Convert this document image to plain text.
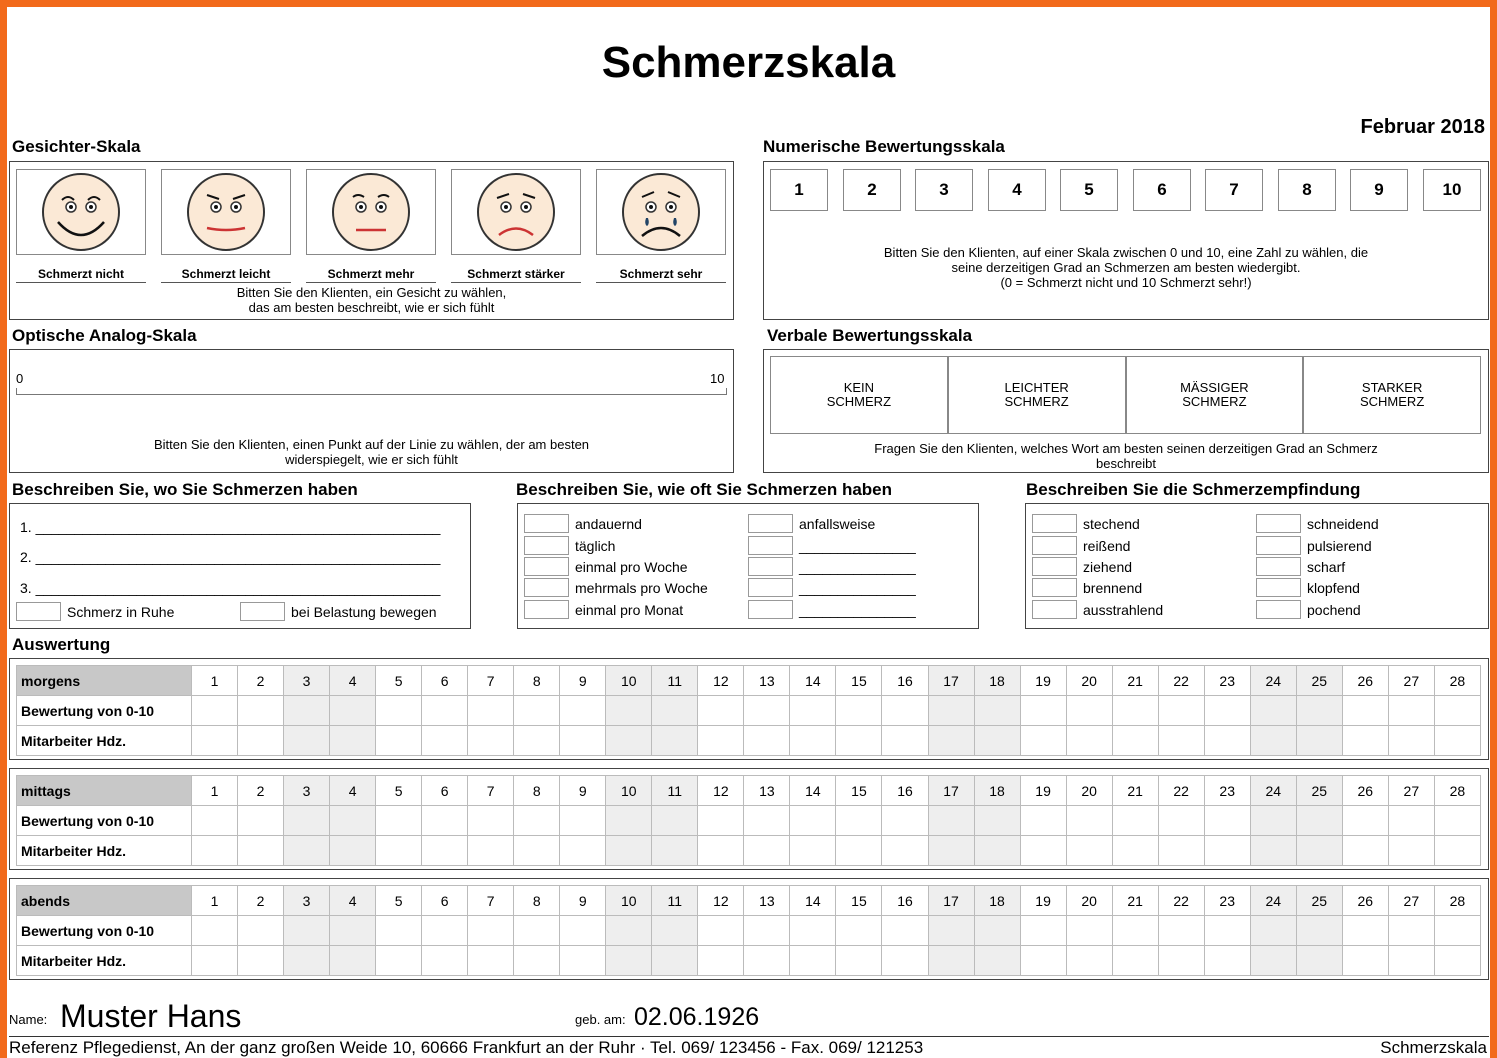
Schmerzskala
Februar 2018
Gesichter-Skala
Schmerzt nicht	Schmerzt leicht	Schmerzt mehr	Schmerzt stärker	Schmerzt sehr
Bitten Sie den Klienten, ein Gesicht zu wählen,
das am besten beschreibt, wie er sich fühlt
Numerische Bewertungsskala
1	2	3	4	5	6	7	8	9	10
Bitten Sie den Klienten, auf einer Skala zwischen 0 und 10, eine Zahl zu wählen, die
seine derzeitigen Grad an Schmerzen am besten wiedergibt.
(0 = Schmerzt nicht und 10 Schmerzt sehr!)
Optische Analog-Skala
0	10
Bitten Sie den Klienten, einen Punkt auf der Linie zu wählen, der am besten
widerspiegelt, wie er sich fühlt
Verbale Bewertungsskala
KEIN
SCHMERZ
LEICHTER
SCHMERZ
MÄSSIGER
SCHMERZ
STARKER
SCHMERZ
Fragen Sie den Klienten, welches Wort am besten seinen derzeitigen Grad an Schmerz
beschreibt
Beschreiben Sie, wo Sie Schmerzen haben
1. ____________________________________________________
2. ____________________________________________________
3. ____________________________________________________
Schmerz in Ruhe	bei Belastung bewegen
Beschreiben Sie, wie oft Sie Schmerzen haben
andauernd
täglich
einmal pro Woche
mehrmals pro Woche
einmal pro Monat
anfallsweise
_______________
_______________
_______________
_______________
Beschreiben Sie die Schmerzempfindung
stechend
reißend
ziehend
brennend
ausstrahlend
schneidend
pulsierend
scharf
klopfend
pochend
Auswertung
morgens	1	2	3	4	5	6	7	8	9	10	11	12	13	14	15	16	17	18	19	20	21	22	23	24	25	26	27	28
Bewertung von 0-10																												
Mitarbeiter Hdz.																												
mittags	1	2	3	4	5	6	7	8	9	10	11	12	13	14	15	16	17	18	19	20	21	22	23	24	25	26	27	28
Bewertung von 0-10																												
Mitarbeiter Hdz.																												
abends	1	2	3	4	5	6	7	8	9	10	11	12	13	14	15	16	17	18	19	20	21	22	23	24	25	26	27	28
Bewertung von 0-10																												
Mitarbeiter Hdz.																												
Name: Muster Hans	geb. am: 02.06.1926
Referenz Pflegedienst, An der ganz großen Weide 10, 60666 Frankfurt an der Ruhr · Tel. 069/ 123456 - Fax. 069/ 121253	Schmerzskala
